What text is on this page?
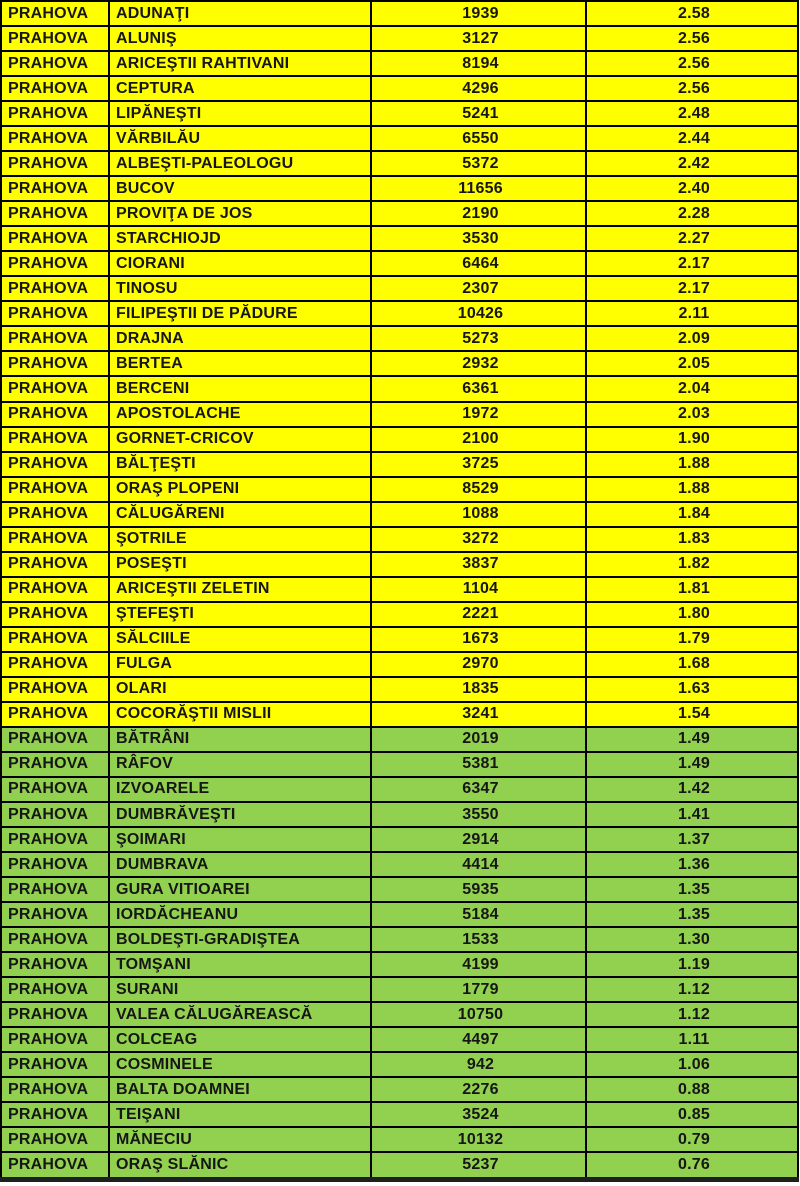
PRAHOVA	ADUNAŢI	1939	2.58
PRAHOVA	ALUNIŞ	3127	2.56
PRAHOVA	ARICEŞTII RAHTIVANI	8194	2.56
PRAHOVA	CEPTURA	4296	2.56
PRAHOVA	LIPĂNEŞTI	5241	2.48
PRAHOVA	VĂRBILĂU	6550	2.44
PRAHOVA	ALBEŞTI-PALEOLOGU	5372	2.42
PRAHOVA	BUCOV	11656	2.40
PRAHOVA	PROVIŢA DE JOS	2190	2.28
PRAHOVA	STARCHIOJD	3530	2.27
PRAHOVA	CIORANI	6464	2.17
PRAHOVA	TINOSU	2307	2.17
PRAHOVA	FILIPEŞTII DE PĂDURE	10426	2.11
PRAHOVA	DRAJNA	5273	2.09
PRAHOVA	BERTEA	2932	2.05
PRAHOVA	BERCENI	6361	2.04
PRAHOVA	APOSTOLACHE	1972	2.03
PRAHOVA	GORNET-CRICOV	2100	1.90
PRAHOVA	BĂLŢEŞTI	3725	1.88
PRAHOVA	ORAŞ PLOPENI	8529	1.88
PRAHOVA	CĂLUGĂRENI	1088	1.84
PRAHOVA	ŞOTRILE	3272	1.83
PRAHOVA	POSEŞTI	3837	1.82
PRAHOVA	ARICEŞTII ZELETIN	1104	1.81
PRAHOVA	ŞTEFEŞTI	2221	1.80
PRAHOVA	SĂLCIILE	1673	1.79
PRAHOVA	FULGA	2970	1.68
PRAHOVA	OLARI	1835	1.63
PRAHOVA	COCORĂŞTII MISLII	3241	1.54
PRAHOVA	BĂTRÂNI	2019	1.49
PRAHOVA	RÂFOV	5381	1.49
PRAHOVA	IZVOARELE	6347	1.42
PRAHOVA	DUMBRĂVEŞTI	3550	1.41
PRAHOVA	ŞOIMARI	2914	1.37
PRAHOVA	DUMBRAVA	4414	1.36
PRAHOVA	GURA VITIOAREI	5935	1.35
PRAHOVA	IORDĂCHEANU	5184	1.35
PRAHOVA	BOLDEŞTI-GRADIŞTEA	1533	1.30
PRAHOVA	TOMŞANI	4199	1.19
PRAHOVA	SURANI	1779	1.12
PRAHOVA	VALEA CĂLUGĂREASCĂ	10750	1.12
PRAHOVA	COLCEAG	4497	1.11
PRAHOVA	COSMINELE	942	1.06
PRAHOVA	BALTA DOAMNEI	2276	0.88
PRAHOVA	TEIŞANI	3524	0.85
PRAHOVA	MĂNECIU	10132	0.79
PRAHOVA	ORAŞ SLĂNIC	5237	0.76
